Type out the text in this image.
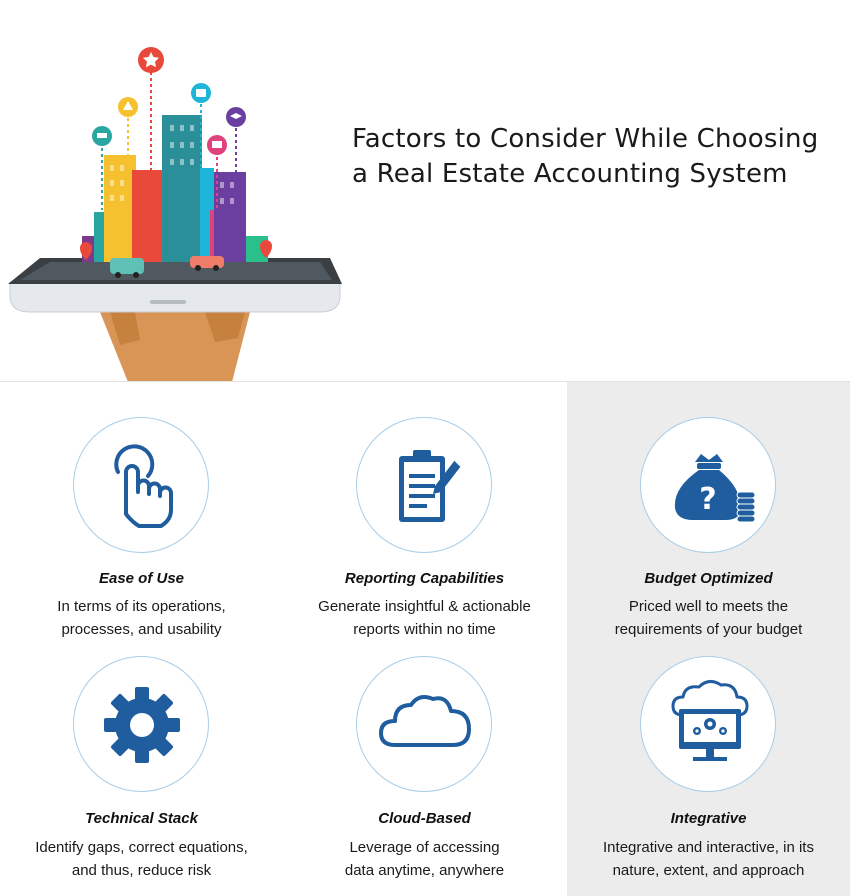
Factors to Consider While Choosing a Real Estate Accounting System
Ease of Use
In terms of its operations,
processes, and usability
Reporting Capabilities
Generate insightful & actionable
reports within no time
?
Budget Optimized
Priced well to meets the
requirements of your budget
Technical Stack
Identify gaps, correct equations,
and thus, reduce risk
Cloud-Based
Leverage of accessing
data anytime, anywhere
Integrative
Integrative and interactive, in its
nature, extent, and approach
